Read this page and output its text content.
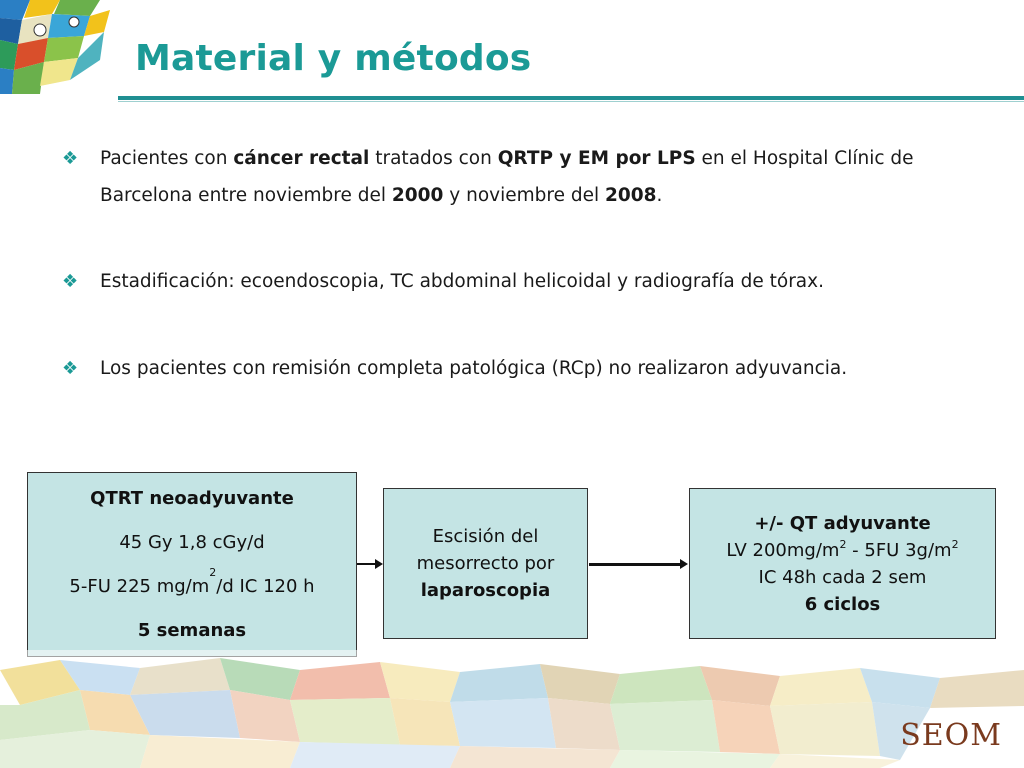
Material y métodos
❖ Pacientes con cáncer rectal tratados con QRTP y EM por LPS en el Hospital Clínic de Barcelona entre noviembre del 2000 y noviembre del 2008.
❖ Estadificación: ecoendoscopia, TC abdominal helicoidal y radiografía de tórax.
❖ Los pacientes con remisión completa patológica (RCp) no realizaron adyuvancia.
QTRT neoadyuvante
45 Gy 1,8 cGy/d
5-FU 225 $mg/m^2/d$ IC 120 h
5 semanas
Escisión del
mesorrecto por
laparoscopia
+/- QT adyuvante
LV $200mg/m^2 - 5FU$ $3g/m^2$
IC 48h cada 2 sem
6 ciclos
SEOM
